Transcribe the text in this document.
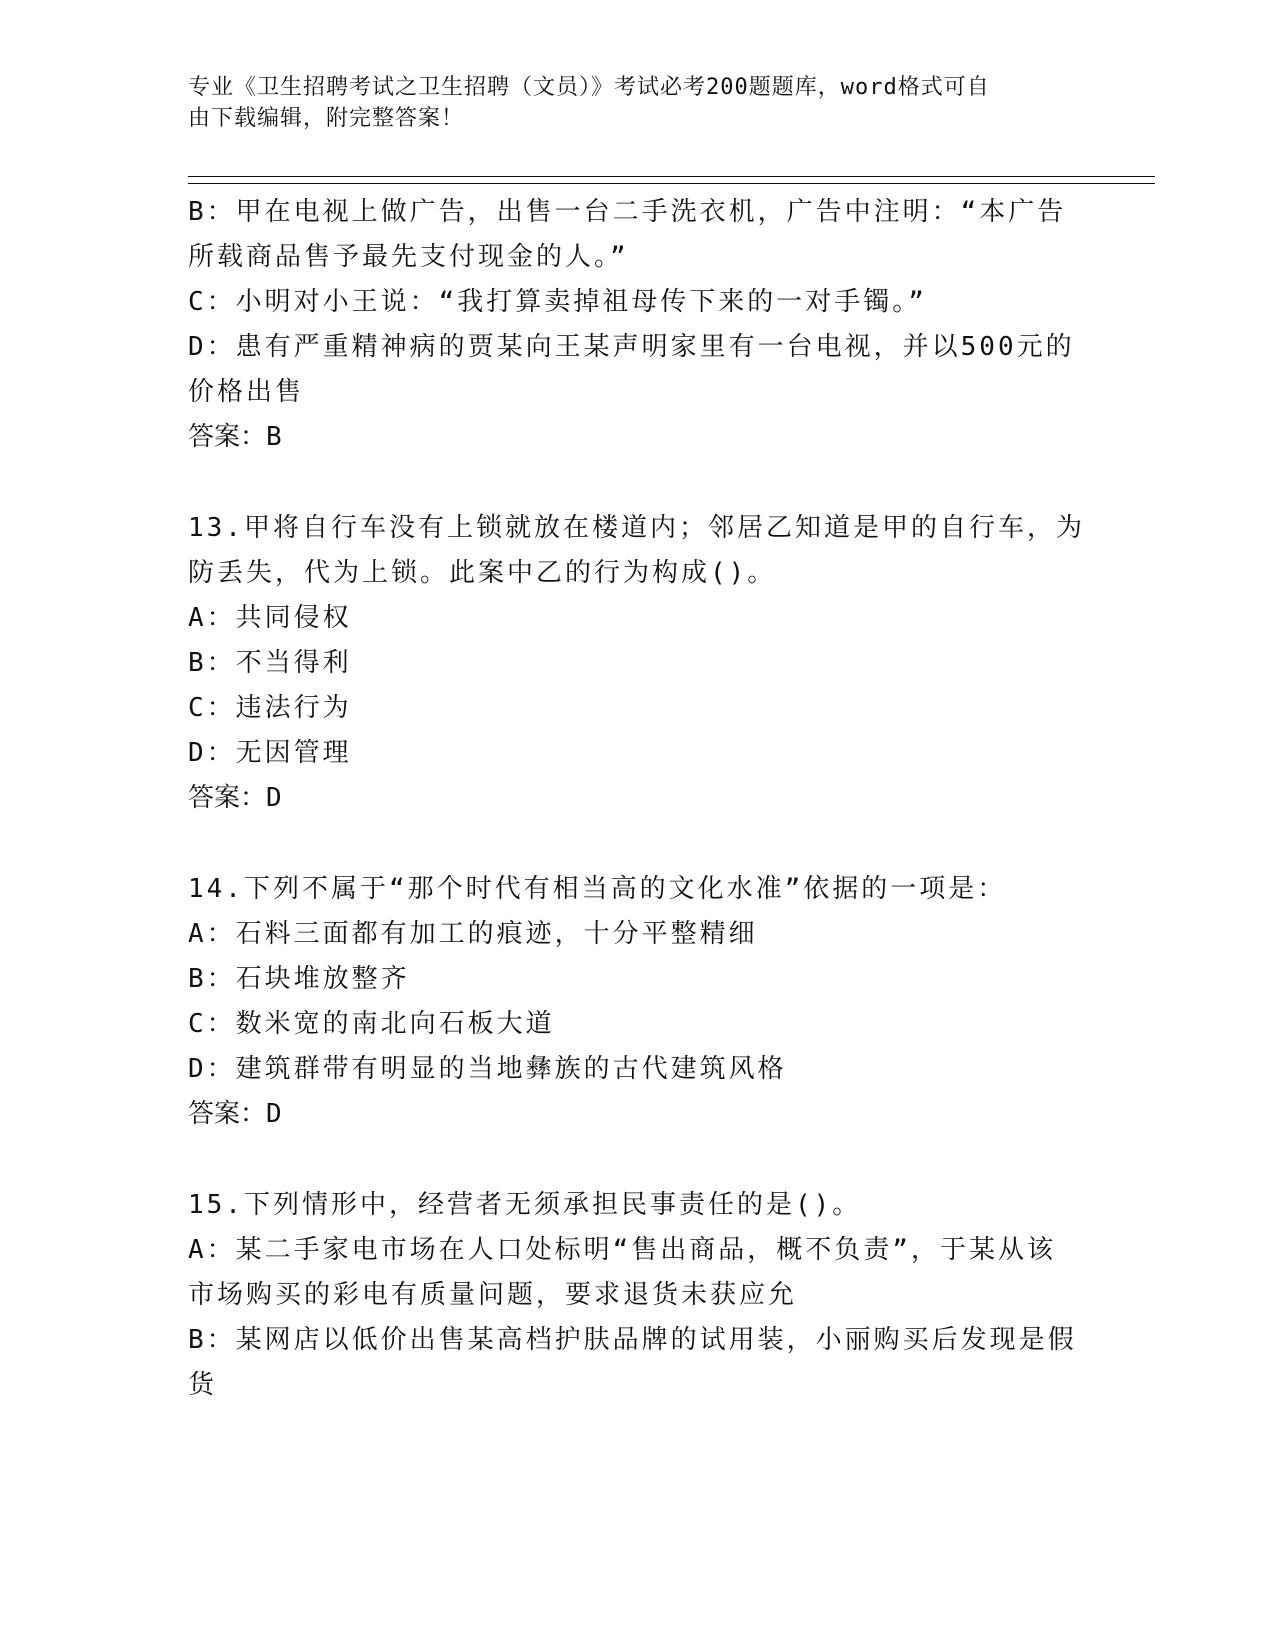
专业《卫生招聘考试之卫生招聘（文员）》考试必考200题题库，word格式可自
由下载编辑，附完整答案！
B：甲在电视上做广告，出售一台二手洗衣机，广告中注明：“本广告
所载商品售予最先支付现金的人。”
C：小明对小王说：“我打算卖掉祖母传下来的一对手镯。”
D：患有严重精神病的贾某向王某声明家里有一台电视，并以500元的
价格出售
答案：B
13.甲将自行车没有上锁就放在楼道内；邻居乙知道是甲的自行车，为
防丢失，代为上锁。此案中乙的行为构成()。
A：共同侵权
B：不当得利
C：违法行为
D：无因管理
答案：D
14.下列不属于“那个时代有相当高的文化水准”依据的一项是：
A：石料三面都有加工的痕迹，十分平整精细
B：石块堆放整齐
C：数米宽的南北向石板大道
D：建筑群带有明显的当地彝族的古代建筑风格
答案：D
15.下列情形中，经营者无须承担民事责任的是()。
A：某二手家电市场在人口处标明“售出商品，概不负责”，于某从该
市场购买的彩电有质量问题，要求退货未获应允
B：某网店以低价出售某高档护肤品牌的试用装，小丽购买后发现是假
货
